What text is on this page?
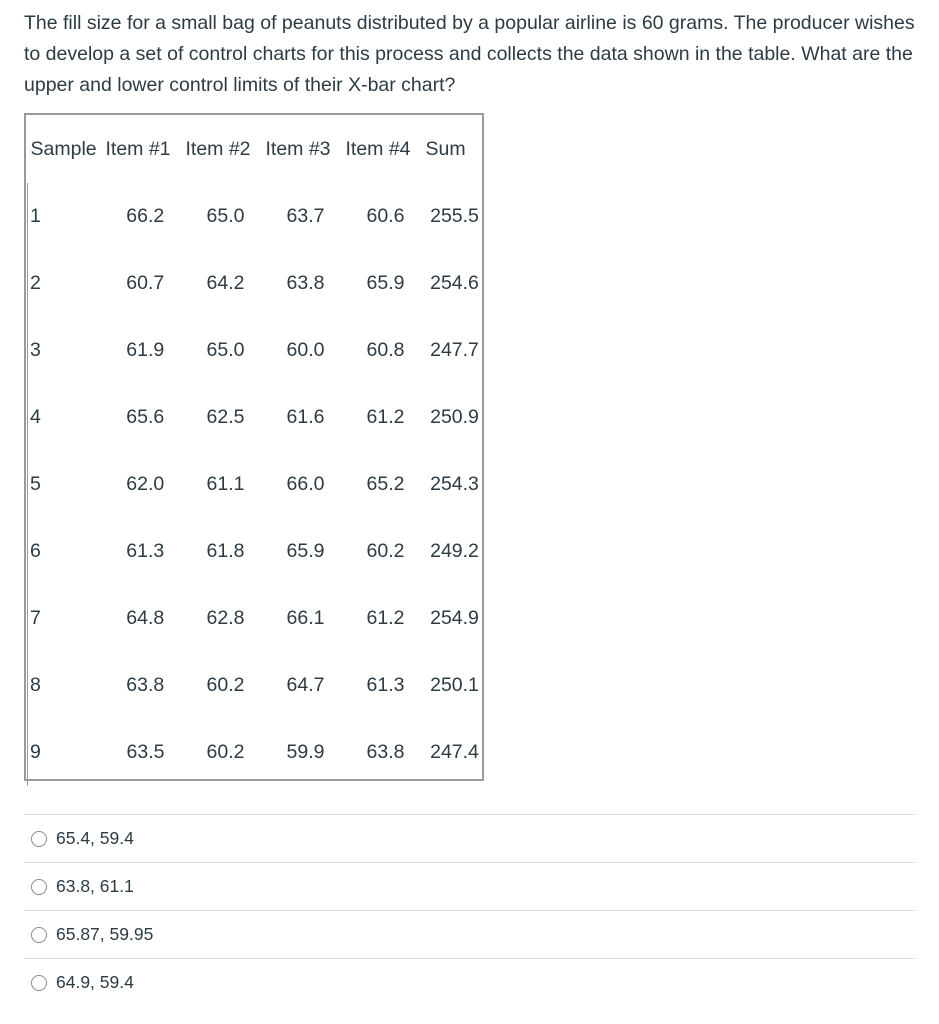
The fill size for a small bag of peanuts distributed by a popular airline is 60 grams. The producer wishes to develop a set of control charts for this process and collects the data shown in the table. What are the upper and lower control limits of their X-bar chart?

Sample	Item #1	Item #2	Item #3	Item #4	Sum
1	66.2	65.0	63.7	60.6	255.5
2	60.7	64.2	63.8	65.9	254.6
3	61.9	65.0	60.0	60.8	247.7
4	65.6	62.5	61.6	61.2	250.9
5	62.0	61.1	66.0	65.2	254.3
6	61.3	61.8	65.9	60.2	249.2
7	64.8	62.8	66.1	61.2	254.9
8	63.8	60.2	64.7	61.3	250.1
9	63.5	60.2	59.9	63.8	247.4
65.4, 59.4
63.8, 61.1
65.87, 59.95
64.9, 59.4
